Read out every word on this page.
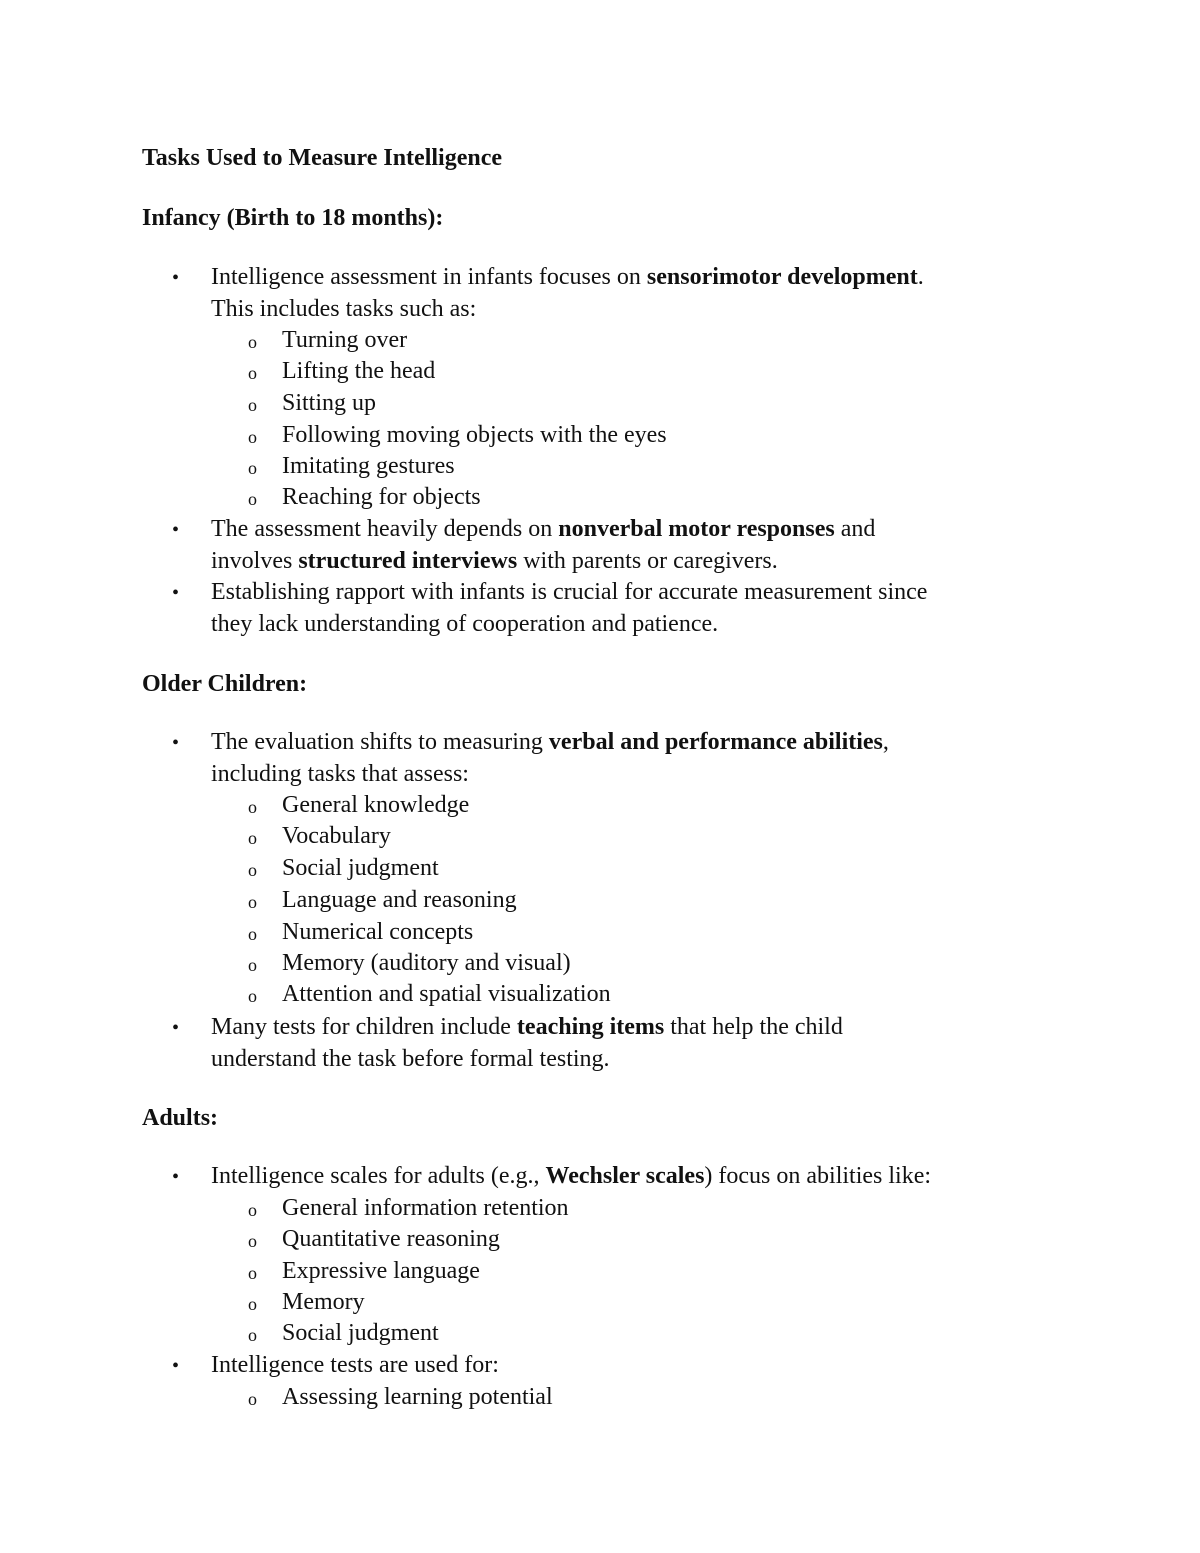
Tasks Used to Measure Intelligence
Infancy (Birth to 18 months):
• Intelligence assessment in infants focuses on sensorimotor development.
This includes tasks such as:
o Turning over
o Lifting the head
o Sitting up
o Following moving objects with the eyes
o Imitating gestures
o Reaching for objects
• The assessment heavily depends on nonverbal motor responses and
involves structured interviews with parents or caregivers.
• Establishing rapport with infants is crucial for accurate measurement since
they lack understanding of cooperation and patience.
Older Children:
• The evaluation shifts to measuring verbal and performance abilities,
including tasks that assess:
o General knowledge
o Vocabulary
o Social judgment
o Language and reasoning
o Numerical concepts
o Memory (auditory and visual)
o Attention and spatial visualization
• Many tests for children include teaching items that help the child
understand the task before formal testing.
Adults:
• Intelligence scales for adults (e.g., Wechsler scales) focus on abilities like:
o General information retention
o Quantitative reasoning
o Expressive language
o Memory
o Social judgment
• Intelligence tests are used for:
o Assessing learning potential
